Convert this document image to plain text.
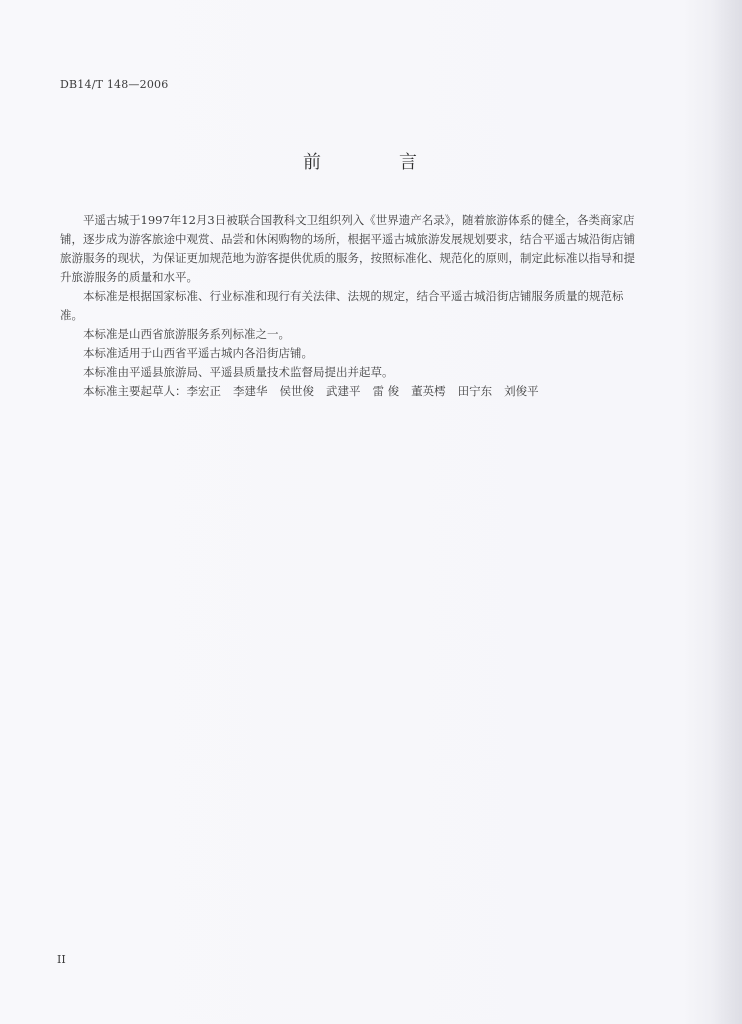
DB14/T 148—2006
前　言

平遥古城于1997年12月3日被联合国教科文卫组织列入《世界遗产名录》，随着旅游体系的健全，各类商家店铺，逐步成为游客旅途中观赏、品尝和休闲购物的场所，根据平遥古城旅游发展规划要求，结合平遥古城沿街店铺旅游服务的现状，为保证更加规范地为游客提供优质的服务，按照标准化、规范化的原则，制定此标准以指导和提升旅游服务的质量和水平。

本标准是根据国家标准、行业标准和现行有关法律、法规的规定，结合平遥古城沿街店铺服务质量的规范标准。

本标准是山西省旅游服务系列标准之一。

本标准适用于山西省平遥古城内各沿街店铺。

本标准由平遥县旅游局、平遥县质量技术监督局提出并起草。

本标准主要起草人：李宏正 李建华 侯世俊 武建平 雷 俊 董英樗 田宁东 刘俊平

II
